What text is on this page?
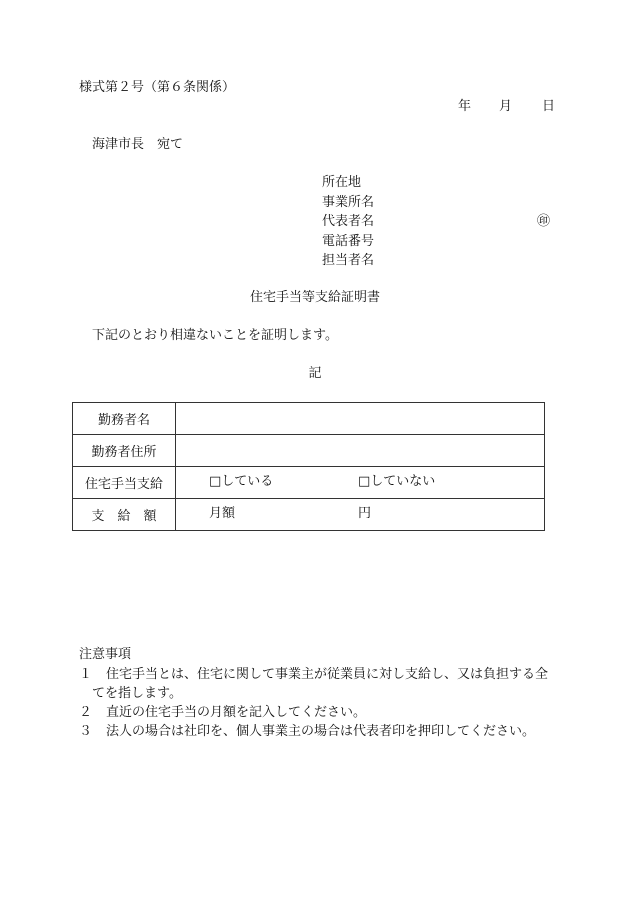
様式第２号（第６条関係）
年 月 日
海津市長　宛て
所在地
事業所名
代表者名
電話番号
担当者名
㊞
住宅手当等支給証明書
下記のとおり相違ないことを証明します。
記
勤務者名	
勤務者住所	
住宅手当支給	□している □していない

支　給　額	月額 円
注意事項
１ 住宅手当とは、住宅に関して事業主が従業員に対し支給し、又は負担する全
てを指します。
２ 直近の住宅手当の月額を記入してください。
３ 法人の場合は社印を、個人事業主の場合は代表者印を押印してください。
